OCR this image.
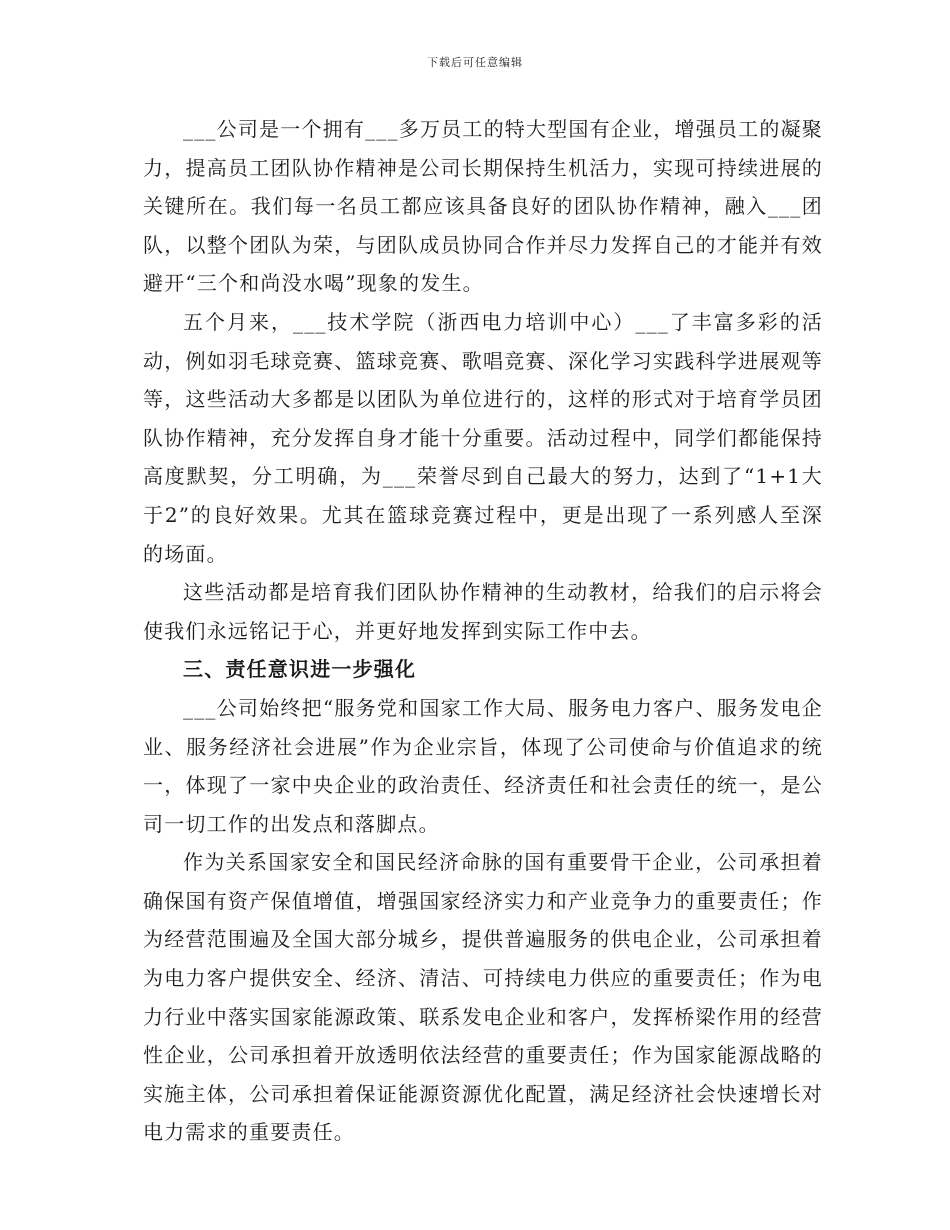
下载后可任意编辑

___公司是一个拥有___多万员工的特大型国有企业，增强员工的凝聚力，提高员工团队协作精神是公司长期保持生机活力，实现可持续进展的关键所在。我们每一名员工都应该具备良好的团队协作精神，融入___团队，以整个团队为荣，与团队成员协同合作并尽力发挥自己的才能并有效避开“三个和尚没水喝”现象的发生。

五个月来，___技术学院（浙西电力培训中心）___了丰富多彩的活动，例如羽毛球竞赛、篮球竞赛、歌唱竞赛、深化学习实践科学进展观等等，这些活动大多都是以团队为单位进行的，这样的形式对于培育学员团队协作精神，充分发挥自身才能十分重要。活动过程中，同学们都能保持高度默契，分工明确，为___荣誉尽到自己最大的努力，达到了“1+1大于2”的良好效果。尤其在篮球竞赛过程中，更是出现了一系列感人至深的场面。

这些活动都是培育我们团队协作精神的生动教材，给我们的启示将会使我们永远铭记于心，并更好地发挥到实际工作中去。

三、责任意识进一步强化

___公司始终把“服务党和国家工作大局、服务电力客户、服务发电企业、服务经济社会进展”作为企业宗旨，体现了公司使命与价值追求的统一，体现了一家中央企业的政治责任、经济责任和社会责任的统一，是公司一切工作的出发点和落脚点。

作为关系国家安全和国民经济命脉的国有重要骨干企业，公司承担着确保国有资产保值增值，增强国家经济实力和产业竞争力的重要责任；作为经营范围遍及全国大部分城乡，提供普遍服务的供电企业，公司承担着为电力客户提供安全、经济、清洁、可持续电力供应的重要责任；作为电力行业中落实国家能源政策、联系发电企业和客户，发挥桥梁作用的经营性企业，公司承担着开放透明依法经营的重要责任；作为国家能源战略的实施主体，公司承担着保证能源资源优化配置，满足经济社会快速增长对电力需求的重要责任。
